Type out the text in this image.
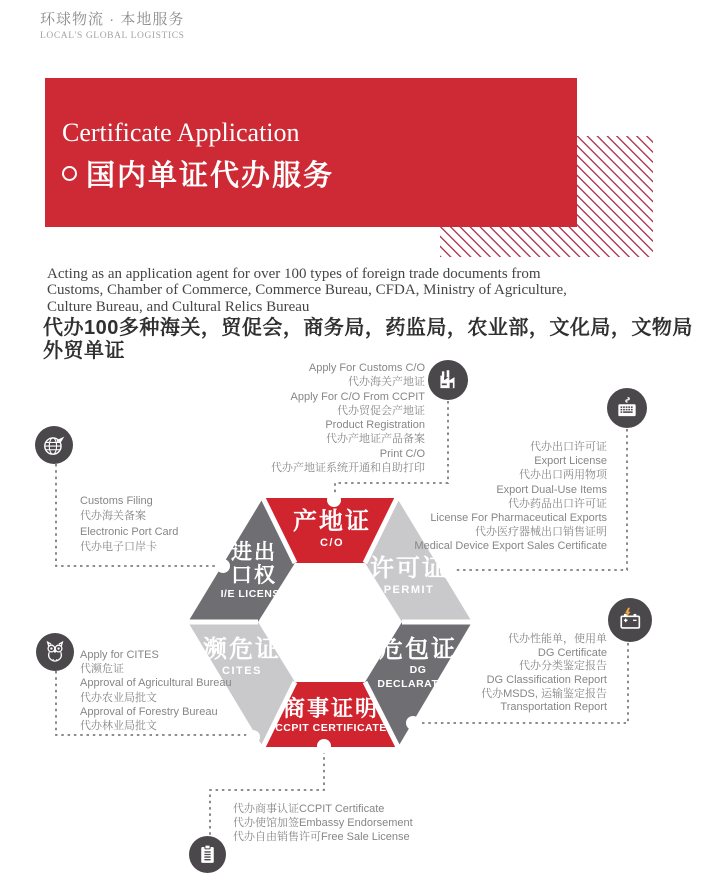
环球物流 · 本地服务
LOCAL'S GLOBAL LOGISTICS
Certificate Application
国内单证代办服务
Acting as an application agent for over 100 types of foreign trade documents from
Customs, Chamber of Commerce, Commerce Bureau, CFDA, Ministry of Agriculture,
Culture Bureau, and Cultural Relics Bureau
代办100多种海关，贸促会，商务局，药监局，农业部，文化局，文物局
外贸单证
产地证
C/O
进出
口权
I/E LICENSE
许可证
PERMIT
濒危证
CITES
危包证
DG
DECLARATION
商事证明
CCPIT CERTIFICATE
Apply For Customs C/O
代办海关产地证
Apply For C/O From CCPIT
代办贸促会产地证
Product Registration
代办产地证产品备案
Print C/O
代办产地证系统开通和自助打印
代办出口许可证
Export License
代办出口两用物项
Export Dual-Use Items
代办药品出口许可证
License For Pharmaceutical Exports
代办医疗器械出口销售证明
Medical Device Export Sales Certificate
Customs Filing
代办海关备案
Electronic Port Card
代办电子口岸卡
Apply for CITES
代濒危证
Approval of Agricultural Bureau
代办农业局批文
Approval of Forestry Bureau
代办林业局批文
代办性能单，使用单
DG Certificate
代办分类鉴定报告
DG Classification Report
代办MSDS, 运输鉴定报告
Transportation Report
代办商事认证CCPIT Certificate
代办使馆加签Embassy Endorsement
代办自由销售许可Free Sale License
